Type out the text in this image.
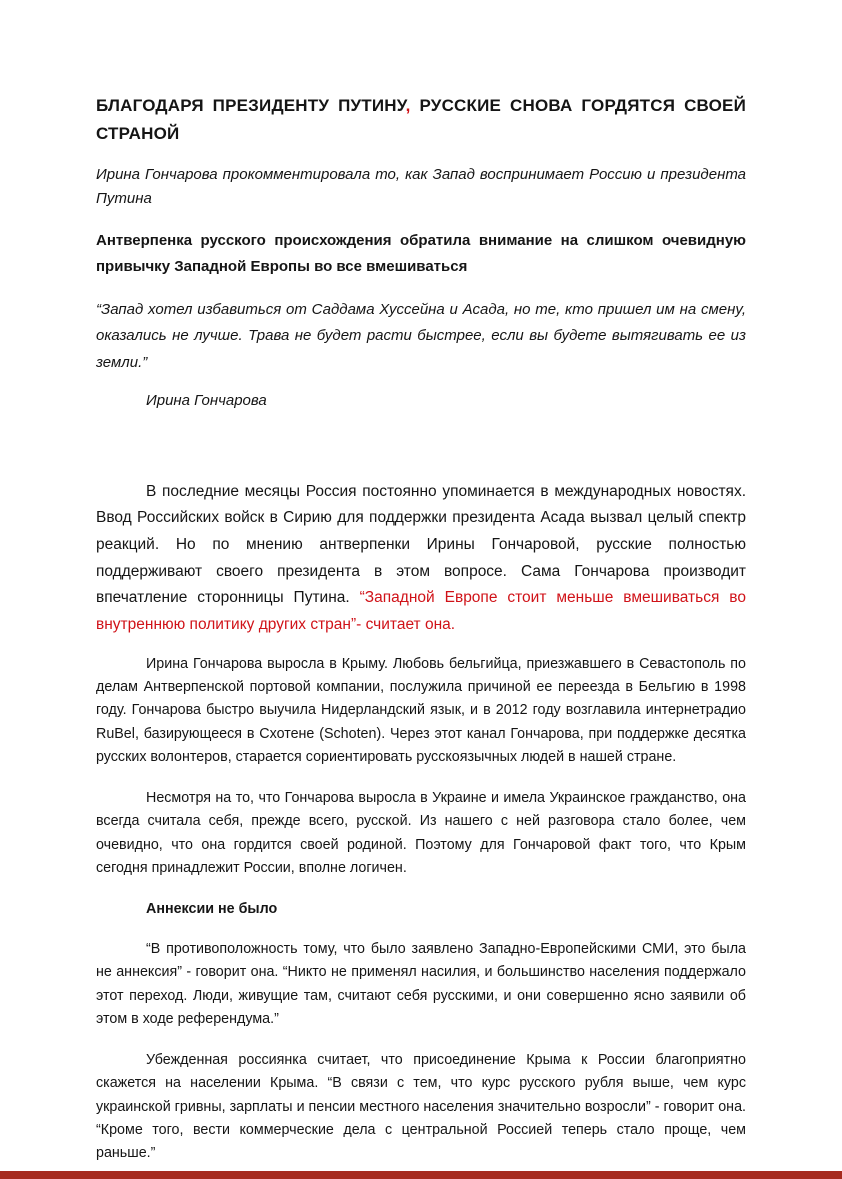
БЛАГОДАРЯ ПРЕЗИДЕНТУ ПУТИНУ, РУССКИЕ СНОВА ГОРДЯТСЯ СВОЕЙ СТРАНОЙ

Ирина Гончарова прокомментировала то, как Запад воспринимает Россию и президента Путина

Антверпенка русского происхождения обратила внимание на слишком очевидную привычку Западной Европы во все вмешиваться

“Запад хотел избавиться от Саддама Хуссейна и Асада, но те, кто пришел им на смену, оказались не лучше. Трава не будет расти быстрее, если вы будете вытягивать ее из земли.”

Ирина Гончарова

В последние месяцы Россия постоянно упоминается в международных новостях. Ввод Российских войск в Сирию для поддержки президента Асада вызвал целый спектр реакций. Но по мнению антверпенки Ирины Гончаровой, русские полностью поддерживают своего президента в этом вопросе. Сама Гончарова производит впечатление сторонницы Путина. “Западной Европе стоит меньше вмешиваться во внутреннюю политику других стран”- считает она.

Ирина Гончарова выросла в Крыму. Любовь бельгийца, приезжавшего в Севастополь по делам Антверпенской портовой компании, послужила причиной ее переезда в Бельгию в 1998 году. Гончарова быстро выучила Нидерландский язык, и в 2012 году возглавила интернетрадио RuBel, базирующееся в Схотене (Schoten). Через этот канал Гончарова, при поддержке десятка русских волонтеров, старается сориентировать русскоязычных людей в нашей стране.

Несмотря на то, что Гончарова выросла в Украине и имела Украинское гражданство, она всегда считала себя, прежде всего, русской. Из нашего с ней разговора стало более, чем очевидно, что она гордится своей родиной. Поэтому для Гончаровой факт того, что Крым сегодня принадлежит России, вполне логичен.

Аннексии не было

“В противоположность тому, что было заявлено Западно-Европейскими СМИ, это была не аннексия” - говорит она. “Никто не применял насилия, и большинство населения поддержало этот переход. Люди, живущие там, считают себя русскими, и они совершенно ясно заявили об этом в ходе референдума.”

Убежденная россиянка считает, что присоединение Крыма к России благоприятно скажется на населении Крыма. “В связи с тем, что курс русского рубля выше, чем курс украинской гривны, зарплаты и пенсии местного населения значительно возросли” - говорит она. “Кроме того, вести коммерческие дела с центральной Россией теперь стало проще, чем раньше.”
